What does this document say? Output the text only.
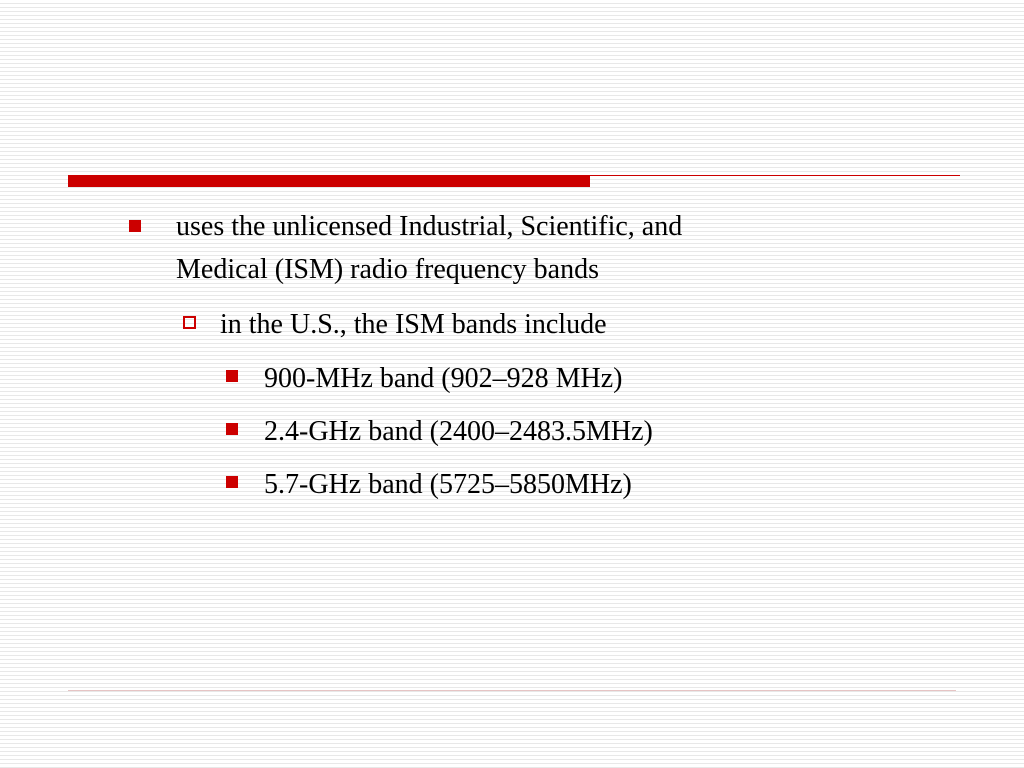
uses the unlicensed Industrial, Scientific, and
Medical (ISM) radio frequency bands
in the U.S., the ISM bands include
900-MHz band (902–928 MHz)
2.4-GHz band (2400–2483.5MHz)
5.7-GHz band (5725–5850MHz)
